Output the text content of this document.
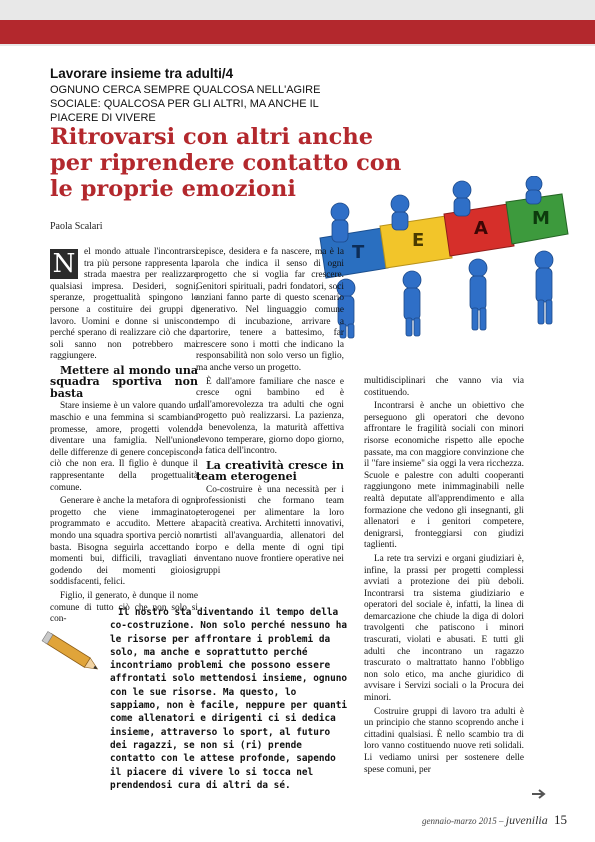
Lavorare insieme tra adulti/4
OGNUNO CERCA SEMPRE QUALCOSA NELL'AGIRE SOCIALE: QUALCOSA PER GLI ALTRI, MA ANCHE IL PIACERE DI VIVERE
Ritrovarsi con altri anche per riprendere contatto con le proprie emozioni
Paola Scalari
T
E
A M

N el mondo attuale l'incontrarsi tra più persone rappresenta la strada maestra per realizzare qualsiasi impresa. Desideri, sogni, speranze, progettualità spingono le persone a costituire dei gruppi di lavoro. Uomini e donne si uniscono perché sperano di realizzare ciò che da soli sanno non potrebbero mai raggiungere.

Mettere al mondo una squadra sportiva non basta

Stare insieme è un valore quando un maschio e una femmina si scambiano promesse, amore, progetti volendo diventare una famiglia. Nell'unione delle differenze di genere concepiscono ciò che non era. Il figlio è dunque il rappresentante della progettualità comune.

Generare è anche la metafora di ogni progetto che viene immaginato, programmato e accudito. Mettere al mondo una squadra sportiva perciò non basta. Bisogna seguirla accettando i momenti bui, difficili, travagliati e godendo dei momenti gioiosi, soddisfacenti, felici.

Figlio, il generato, è dunque il nome comune di tutto ciò che non solo si con-

cepisce, desidera e fa nascere, ma è la parola che indica il senso di ogni progetto che si voglia far crescere. Genitori spirituali, padri fondatori, soci anziani fanno parte di questo scenario generativo. Nel linguaggio comune tempo di incubazione, arrivare a partorire, tenere a battesimo, far crescere sono i motti che indicano la responsabilità non solo verso un figlio, ma anche verso un progetto.

È dall'amore familiare che nasce e cresce ogni bambino ed è dall'amorevolezza tra adulti che ogni progetto può realizzarsi. La pazienza, la benevolenza, la maturità affettiva devono temperare, giorno dopo giorno, la fatica dell'incontro.

La creatività cresce in team eterogenei

Co-costruire è una necessità per i professionisti che formano team eterogenei per alimentare la loro capacità creativa. Architetti innovativi, artisti all'avanguardia, allenatori del corpo e della mente di ogni tipi inventano nuove frontiere operative nei gruppi

multidisciplinari che vanno via via costituendo.

Incontrarsi è anche un obiettivo che perseguono gli operatori che devono affrontare le fragilità sociali con minori risorse economiche rispetto alle epoche passate, ma con maggiore convinzione che il "fare insieme" sia oggi la vera ricchezza. Scuole e palestre con adulti cooperanti raggiungono mete inimmaginabili nelle realtà deputate all'apprendimento e alla formazione che vedono gli insegnanti, gli allenatori e i genitori competere, denigrarsi, fronteggiarsi con giudizi taglienti.

La rete tra servizi e organi giudiziari è, infine, la prassi per progetti complessi avviati a protezione dei più deboli. Incontrarsi tra sistema giudiziario e operatori del sociale è, infatti, la linea di demarcazione che chiude la diga di dolori travolgenti che patiscono i minori trascurati, violati e abusati. E tutti gli adulti che incontrano un ragazzo trascurato o maltrattato hanno l'obbligo non solo etico, ma anche giuridico di avvisare i Servizi sociali o la Procura dei minori.

Costruire gruppi di lavoro tra adulti è un principio che stanno scoprendo anche i cittadini qualsiasi. È nello scambio tra di loro vanno costituendo nuove reti solidali. Li vediamo unirsi per sostenere delle spese comuni, per

Il nostro sta diventando il tempo della co-costruzione. Non solo perché nessuno ha le risorse per affrontare i problemi da solo, ma anche e soprattutto perché incontriamo problemi che possono essere affrontati solo mettendosi insieme, ognuno con le sue risorse. Ma questo, lo sappiamo, non è facile, neppure per quanti come allenatori e dirigenti ci si dedica insieme, attraverso lo sport, al futuro dei ragazzi, se non si (ri) prende contatto con le attese profonde, sapendo il piacere di vivere lo si tocca nel prendendosi cura di altri da sé.

gennaio-marzo 2015 – juvenilia 15
